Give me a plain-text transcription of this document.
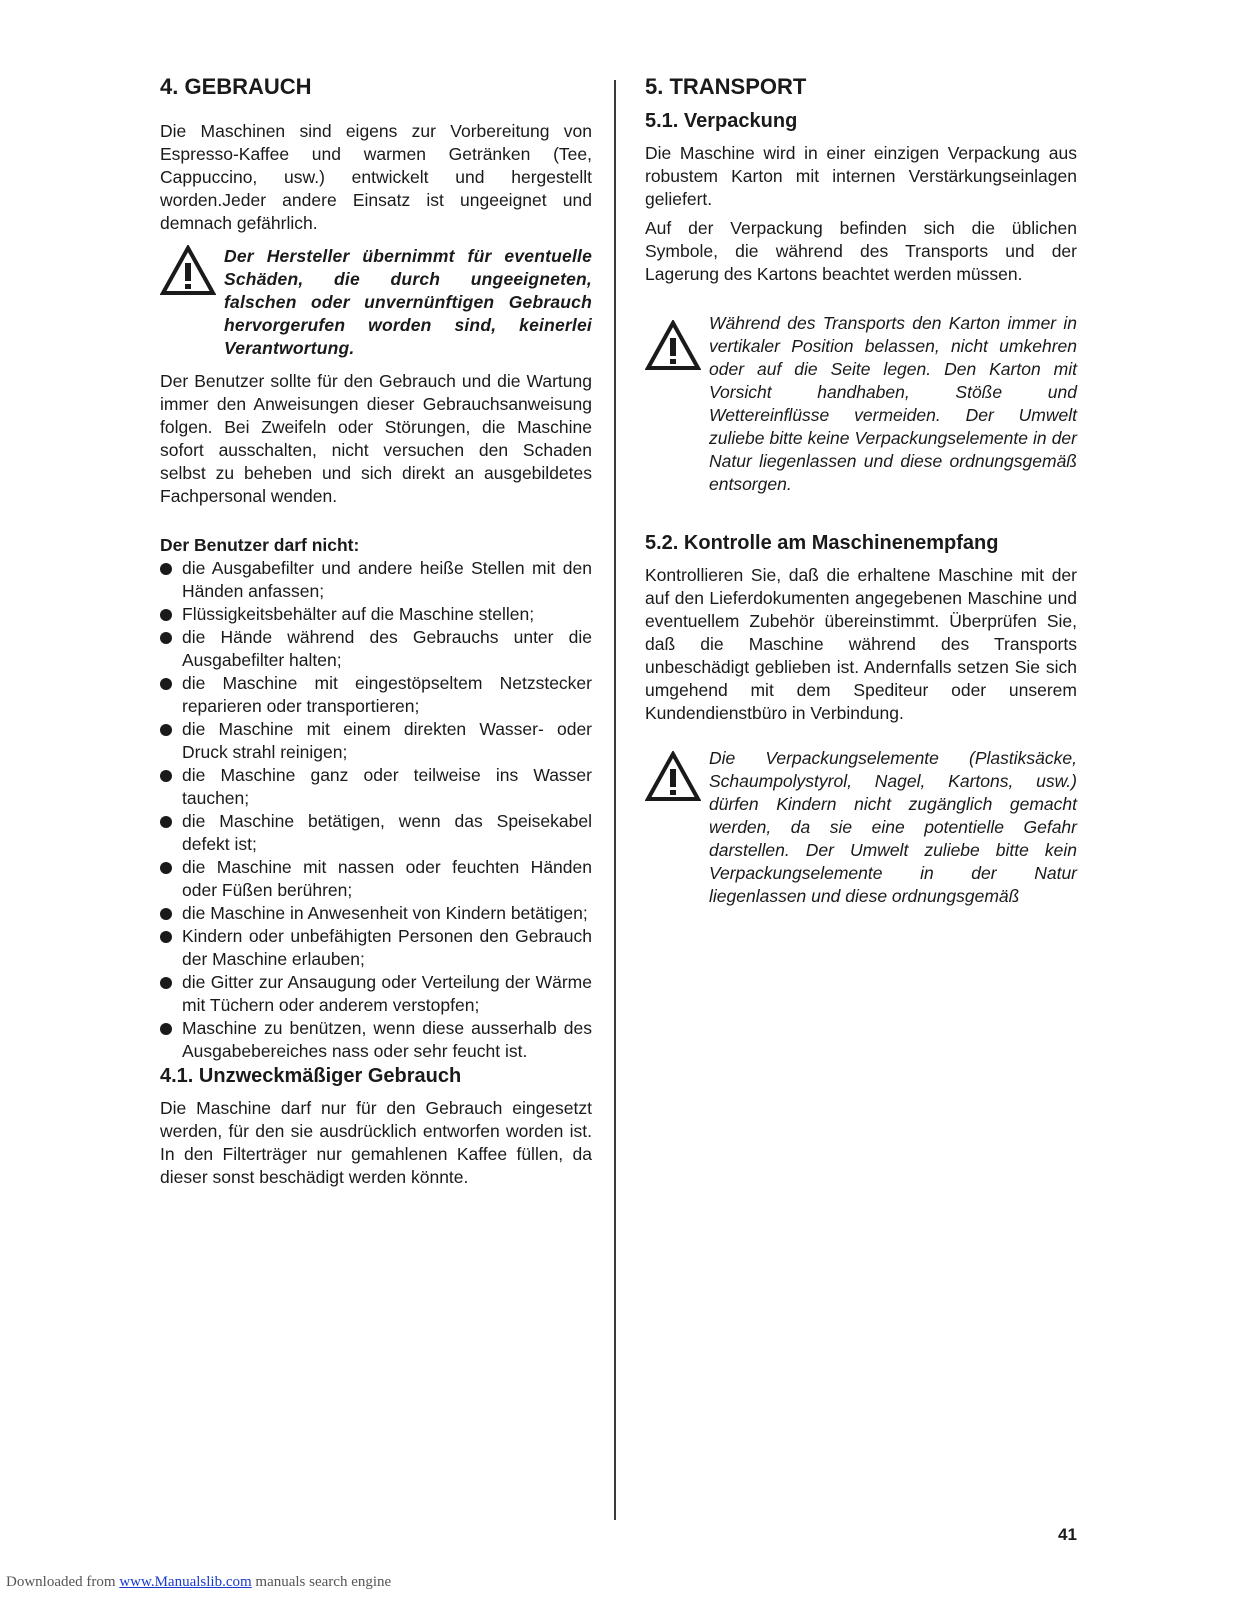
4. GEBRAUCH

Die Maschinen sind eigens zur Vorbereitung von Espresso-Kaffee und warmen Getränken (Tee, Cappuccino, usw.) entwickelt und hergestellt worden.Jeder andere Einsatz ist ungeeignet und demnach gefährlich.

Der Hersteller übernimmt für eventuelle Schäden, die durch ungeeigneten, falschen oder unvernünftigen Gebrauch hervorgerufen worden sind, keinerlei Verantwortung.

Der Benutzer sollte für den Gebrauch und die Wartung immer den Anweisungen dieser Gebrauchsanweisung folgen. Bei Zweifeln oder Störungen, die Maschine sofort ausschalten, nicht versuchen den Schaden selbst zu beheben und sich direkt an ausgebildetes Fachpersonal wenden.

Der Benutzer darf nicht:
die Ausgabefilter und andere heiße Stellen mit den Händen anfassen;
Flüssigkeitsbehälter auf die Maschine stellen;
die Hände während des Gebrauchs unter die Ausgabefilter halten;
die Maschine mit eingestöpseltem Netzstecker reparieren oder transportieren;
die Maschine mit einem direkten Wasser- oder Druck strahl reinigen;
die Maschine ganz oder teilweise ins Wasser tauchen;
die Maschine betätigen, wenn das Speisekabel defekt ist;
die Maschine mit nassen oder feuchten Händen oder Füßen berühren;
die Maschine in Anwesenheit von Kindern betätigen;
Kindern oder unbefähigten Personen den Gebrauch der Maschine erlauben;
die Gitter zur Ansaugung oder Verteilung der Wärme mit Tüchern oder anderem verstopfen;
Maschine zu benützen, wenn diese ausserhalb des Ausgabebereiches nass oder sehr feucht ist.
4.1. Unzweckmäßiger Gebrauch

Die Maschine darf nur für den Gebrauch eingesetzt werden, für den sie ausdrücklich entworfen worden ist. In den Filterträger nur gemahlenen Kaffee füllen, da dieser sonst beschädigt werden könnte.

5. TRANSPORT
5.1. Verpackung

Die Maschine wird in einer einzigen Verpackung aus robustem Karton mit internen Verstärkungseinlagen geliefert.

Auf der Verpackung befinden sich die üblichen Symbole, die während des Transports und der Lagerung des Kartons beachtet werden müssen.

Während des Transports den Karton immer in vertikaler Position belassen, nicht umkehren oder auf die Seite legen. Den Karton mit Vorsicht handhaben, Stöße und Wettereinflüsse vermeiden. Der Umwelt zuliebe bitte keine Verpackungselemente in der Natur liegenlassen und diese ordnungsgemäß entsorgen.
5.2. Kontrolle am Maschinenempfang

Kontrollieren Sie, daß die erhaltene Maschine mit der auf den Lieferdokumenten angegebenen Maschine und eventuellem Zubehör übereinstimmt. Überprüfen Sie, daß die Maschine während des Transports unbeschädigt geblieben ist. Andernfalls setzen Sie sich umgehend mit dem Spediteur oder unserem Kundendienstbüro in Verbindung.

Die Verpackungselemente (Plastiksäcke, Schaumpolystyrol, Nagel, Kartons, usw.) dürfen Kindern nicht zugänglich gemacht werden, da sie eine potentielle Gefahr darstellen. Der Umwelt zuliebe bitte kein Verpackungselemente in der Natur liegenlassen und diese ordnungsgemäß
41
Downloaded from www.Manualslib.com manuals search engine
